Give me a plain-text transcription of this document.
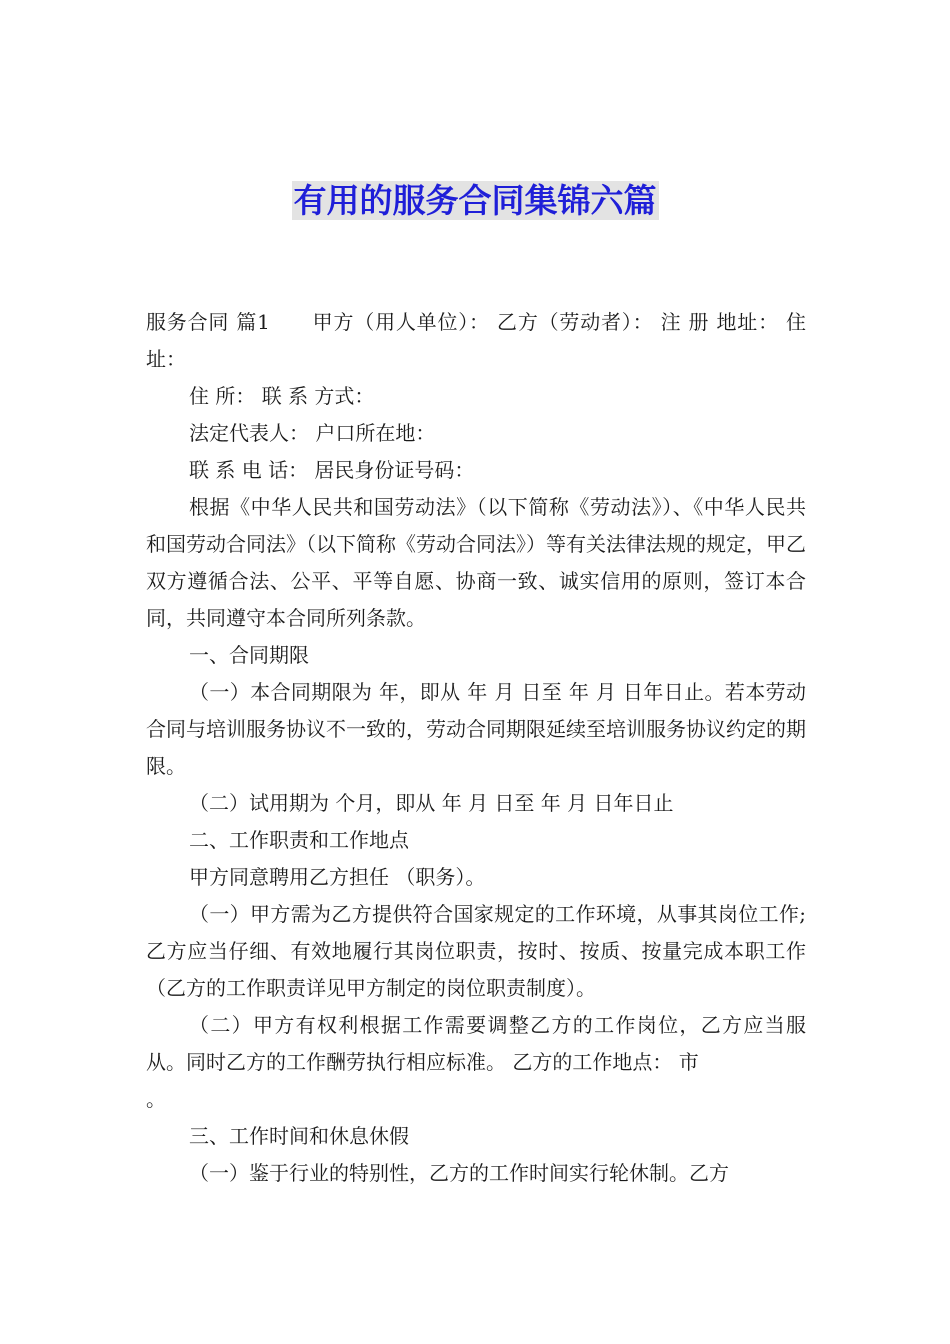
有用的服务合同集锦六篇

服务合同 篇1 甲方（用人单位）： 乙方（劳动者）： 注 册 地址： 住 址：

住 所： 联 系 方式：

法定代表人： 户口所在地：

联 系 电 话： 居民身份证号码：

根据《中华人民共和国劳动法》（以下简称《劳动法》）、《中华人民共和国劳动合同法》（以下简称《劳动合同法》）等有关法律法规的规定，甲乙双方遵循合法、公平、平等自愿、协商一致、诚实信用的原则，签订本合同，共同遵守本合同所列条款。

一、合同期限

（一）本合同期限为 年，即从 年 月 日至 年 月 日年日止。若本劳动合同与培训服务协议不一致的，劳动合同期限延续至培训服务协议约定的期限。

（二）试用期为 个月，即从 年 月 日至 年 月 日年日止

二、工作职责和工作地点

甲方同意聘用乙方担任 （职务）。

（一）甲方需为乙方提供符合国家规定的工作环境，从事其岗位工作;乙方应当仔细、有效地履行其岗位职责，按时、按质、按量完成本职工作（乙方的工作职责详见甲方制定的岗位职责制度）。

（二）甲方有权利根据工作需要调整乙方的工作岗位，乙方应当服从。同时乙方的工作酬劳执行相应标准。 乙方的工作地点： 市

。

三、工作时间和休息休假

（一）鉴于行业的特别性，乙方的工作时间实行轮休制。乙方
